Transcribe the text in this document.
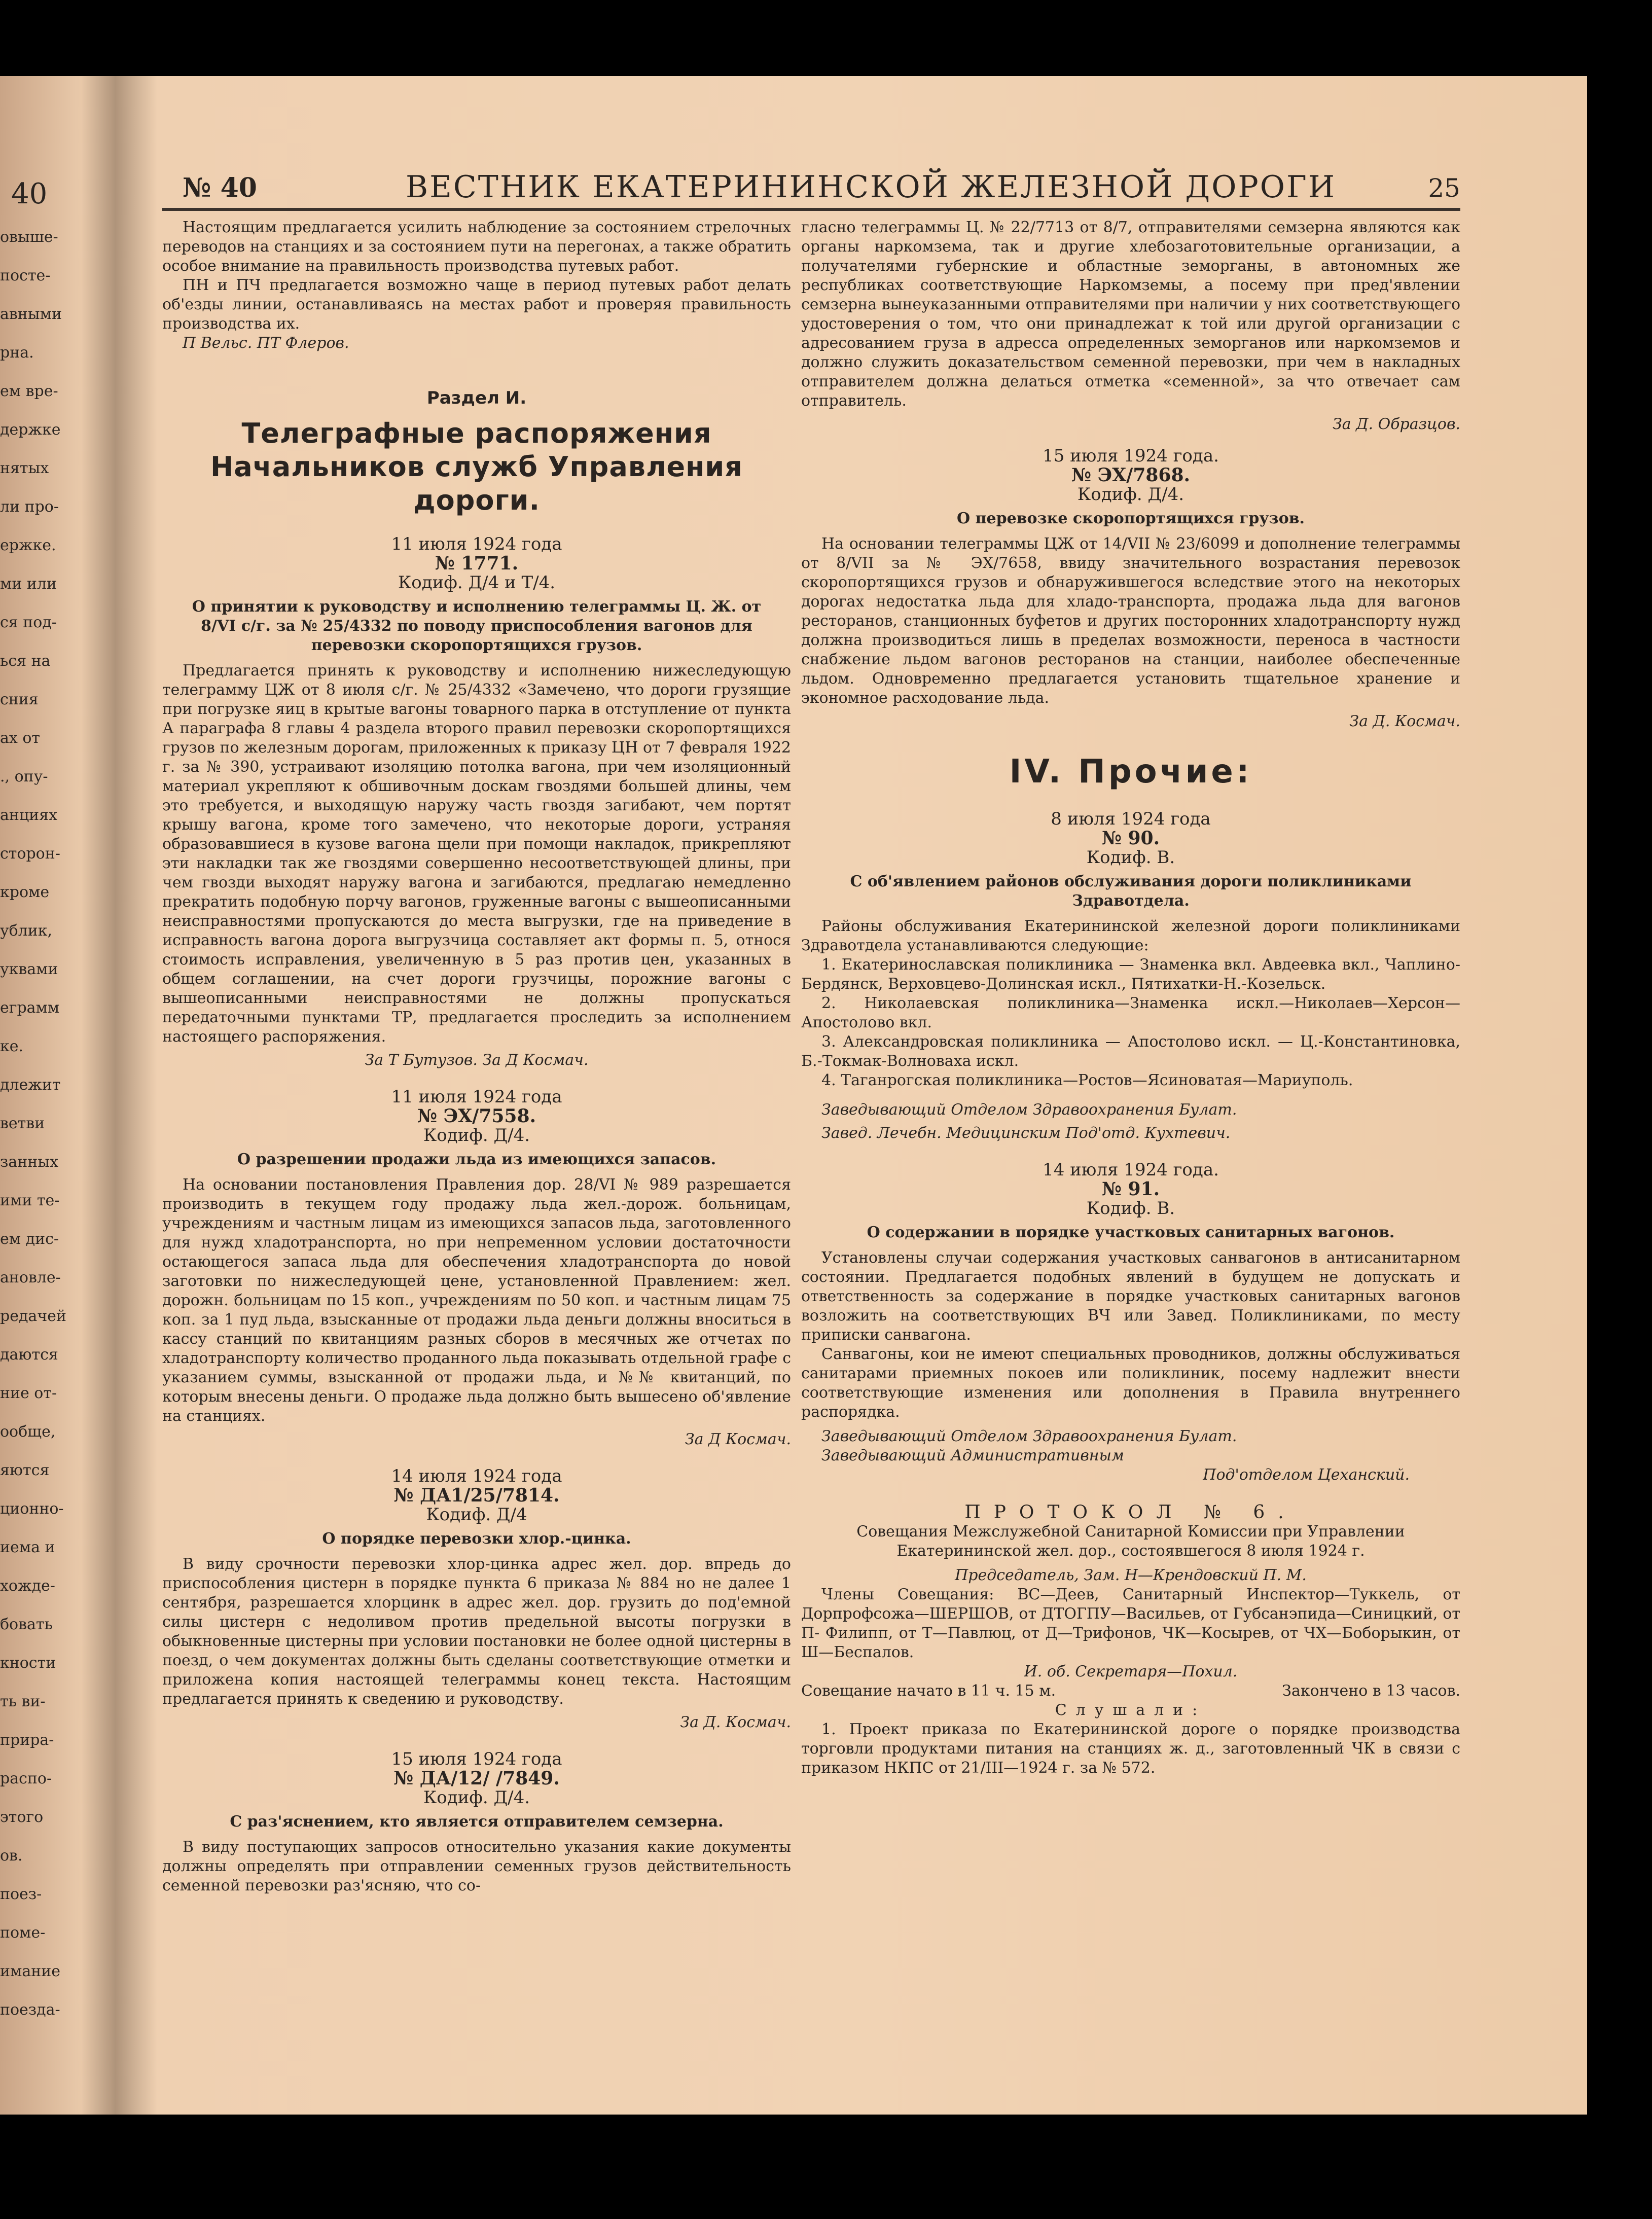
40
овыше-
посте-
авными
рна.
ем вре-
держке
нятых
ли про-
ержке.
ми или
ся под-
ься на
сния
ах от
., опу-
анциях
сторон-
кроме
ублик,
уквами
еграмм
ке.
длежит
ветви
занных
ими те-
ем дис-
ановле-
редачей
даются
ние от-
ообще,
яются
ционно-
иема и
хожде-
бовать
кности
ть ви-
прира-
распо-
этого
ов.
поез-
поме-
имание
поезда-
№ 40	ВЕСТНИК ЕКАТЕРИНИНСКОЙ ЖЕЛЕЗНОЙ ДОРОГИ	25

Настоящим предлагается усилить наблюдение за состоянием стрелочных переводов на станциях и за состоянием пути на перегонах, а также обратить особое внимание на правильность производства путевых работ.

ПН и ПЧ предлагается возможно чаще в период путевых работ делать об'езды линии, останавливаясь на местах работ и проверяя правильность производства их.

П Вельс. ПТ Флеров.

Раздел И.
Телеграфные распоряжения Начальников служб Управления дороги.
11 июля 1924 года
№ 1771.
Кодиф. Д/4 и Т/4.

О принятии к руководству и исполнению телеграммы Ц. Ж. от 8/VI с/г. за № 25/4332 по поводу приспособления вагонов для перевозки скоропортящихся грузов.

Предлагается принять к руководству и исполнению нижеследующую телеграмму ЦЖ от 8 июля с/г. № 25/4332 «Замечено, что дороги грузящие при погрузке яиц в крытые вагоны товарного парка в отступление от пункта А параграфа 8 главы 4 раздела второго правил перевозки скоропортящихся грузов по железным дорогам, приложенных к приказу ЦН от 7 февраля 1922 г. за № 390, устраивают изоляцию потолка вагона, при чем изоляционный материал укрепляют к обшивочным доскам гвоздями большей длины, чем это требуется, и выходящую наружу часть гвоздя загибают, чем портят крышу вагона, кроме того замечено, что некоторые дороги, устраняя образовавшиеся в кузове вагона щели при помощи накладок, прикрепляют эти накладки так же гвоздями совершенно несоответствующей длины, при чем гвозди выходят наружу вагона и загибаются, предлагаю немедленно прекратить подобную порчу вагонов, груженные вагоны с вышеописанными неисправностями пропускаются до места выгрузки, где на приведение в исправность вагона дорога выгрузчица составляет акт формы п. 5, относя стоимость исправления, увеличенную в 5 раз против цен, указанных в общем соглашении, на счет дороги грузчицы, порожние вагоны с вышеописанными неисправностями не должны пропускаться передаточными пунктами ТР, предлагается проследить за исполнением настоящего распоряжения.

За Т Бутузов. За Д Космач.

11 июля 1924 года
№ ЭХ/7558.
Кодиф. Д/4.

О разрешении продажи льда из имеющихся запасов.

На основании постановления Правления дор. 28/VI № 989 разрешается производить в текущем году продажу льда жел.-дорож. больницам, учреждениям и частным лицам из имеющихся запасов льда, заготовленного для нужд хладотранспорта, но при непременном условии достаточности остающегося запаса льда для обеспечения хладотранспорта до новой заготовки по нижеследующей цене, установленной Правлением: жел. дорожн. больницам по 15 коп., учреждениям по 50 коп. и частным лицам 75 коп. за 1 пуд льда, взысканные от продажи льда деньги должны вноситься в кассу станций по квитанциям разных сборов в месячных же отчетах по хладотранспорту количество проданного льда показывать отдельной графе с указанием суммы, взысканной от продажи льда, и №№ квитанций, по которым внесены деньги. О продаже льда должно быть вышесено об'явление на станциях.

За Д Космач.

14 июля 1924 года
№ ДА1/25/7814.
Кодиф. Д/4

О порядке перевозки хлор.-цинка.

В виду срочности перевозки хлор-цинка адрес жел. дор. впредь до приспособления цистерн в порядке пункта 6 приказа № 884 но не далее 1 сентября, разрешается хлорцинк в адрес жел. дор. грузить до под'емной силы цистерн с недоливом против предельной высоты погрузки в обыкновенные цистерны при условии постановки не более одной цистерны в поезд, о чем документах должны быть сделаны соответствующие отметки и приложена копия настоящей телеграммы конец текста. Настоящим предлагается принять к сведению и руководству.

За Д. Космач.

15 июля 1924 года
№ ДА/12/ /7849.
Кодиф. Д/4.

С раз'яснением, кто является отправителем семзерна.

В виду поступающих запросов относительно указания какие документы должны определять при отправлении семенных грузов действительность семенной перевозки раз'ясняю, что со-

гласно телеграммы Ц. № 22/7713 от 8/7, отправителями семзерна являются как органы наркомзема, так и другие хлебозаготовительные организации, а получателями губернские и областные земорганы, в автономных же республиках соответствующие Наркомземы, а посему при пред'явлении семзерна вынеуказанными отправителями при наличии у них соответствующего удостоверения о том, что они принадлежат к той или другой организации с адресованием груза в адресса определенных земорганов или наркомземов и должно служить доказательством семенной перевозки, при чем в накладных отправителем должна делаться отметка «семенной», за что отвечает сам отправитель.

За Д. Образцов.

15 июля 1924 года.
№ ЭХ/7868.
Кодиф. Д/4.

О перевозке скоропортящихся грузов.

На основании телеграммы ЦЖ от 14/VII № 23/6099 и дополнение телеграммы от 8/VII за № ЭХ/7658, ввиду значительного возрастания перевозок скоропортящихся грузов и обнаружившегося вследствие этого на некоторых дорогах недостатка льда для хладо-транспорта, продажа льда для вагонов ресторанов, станционных буфетов и других посторонних хладотранспорту нужд должна производиться лишь в пределах возможности, переноса в частности снабжение льдом вагонов ресторанов на станции, наиболее обеспеченные льдом. Одновременно предлагается установить тщательное хранение и экономное расходование льда.

За Д. Космач.

IV. Прочие:
8 июля 1924 года
№ 90.
Кодиф. В.

С об'явлением районов обслуживания дороги поликлиниками Здравотдела.

Районы обслуживания Екатерининской железной дороги поликлиниками Здравотдела устанавливаются следующие:

1. Екатеринославская поликлиника — Знаменка вкл. Авдеевка вкл., Чаплино-Бердянск, Верховцево-Долинская искл., Пятихатки-Н.-Козельск.

2. Николаевская поликлиника—Знаменка искл.—Николаев—Херсон—Апостолово вкл.

3. Александровская поликлиника — Апостолово искл. — Ц.-Константиновка, Б.-Токмак-Волноваха искл.

4. Таганрогская поликлиника—Ростов—Ясиноватая—Мариуполь.

Заведывающий Отделом Здравоохранения Булат.

Завед. Лечебн. Медицинским Под'отд. Кухтевич.

14 июля 1924 года.
№ 91.
Кодиф. В.

О содержании в порядке участковых санитарных вагонов.

Установлены случаи содержания участковых санвагонов в антисанитарном состоянии. Предлагается подобных явлений в будущем не допускать и ответственность за содержание в порядке участковых санитарных вагонов возложить на соответствующих ВЧ или Завед. Поликлиниками, по месту приписки санвагона.

Санвагоны, кои не имеют специальных проводников, должны обслуживаться санитарами приемных покоев или поликлиник, посему надлежит внести соответствующие изменения или дополнения в Правила внутреннего распорядка.

Заведывающий Отделом Здравоохранения Булат.

Заведывающий Административным

Под'отделом Цеханский.

ПРОТОКОЛ № 6.

Совещания Межслужебной Санитарной Комиссии при Управлении Екатерининской жел. дор., состоявшегося 8 июля 1924 г.

Председатель, Зам. Н—Крендовский П. М.

Члены Совещания: ВС—Деев, Санитарный Инспектор—Туккель, от Дорпрофсожа—ШЕРШОВ, от ДТОГПУ—Васильев, от Губсанэпида—Синицкий, от П- Филипп, от Т—Павлюц, от Д—Трифонов, ЧК—Косырев, от ЧХ—Боборыкин, от Ш—Беспалов.

И. об. Секретаря—Похил.

Совещание начато в 11 ч. 15 м.	Закончено в 13 часов.
Слушали:

1. Проект приказа по Екатерининской дороге о порядке производства торговли продуктами питания на станциях ж. д., заготовленный ЧК в связи с приказом НКПС от 21/III—1924 г. за № 572.
